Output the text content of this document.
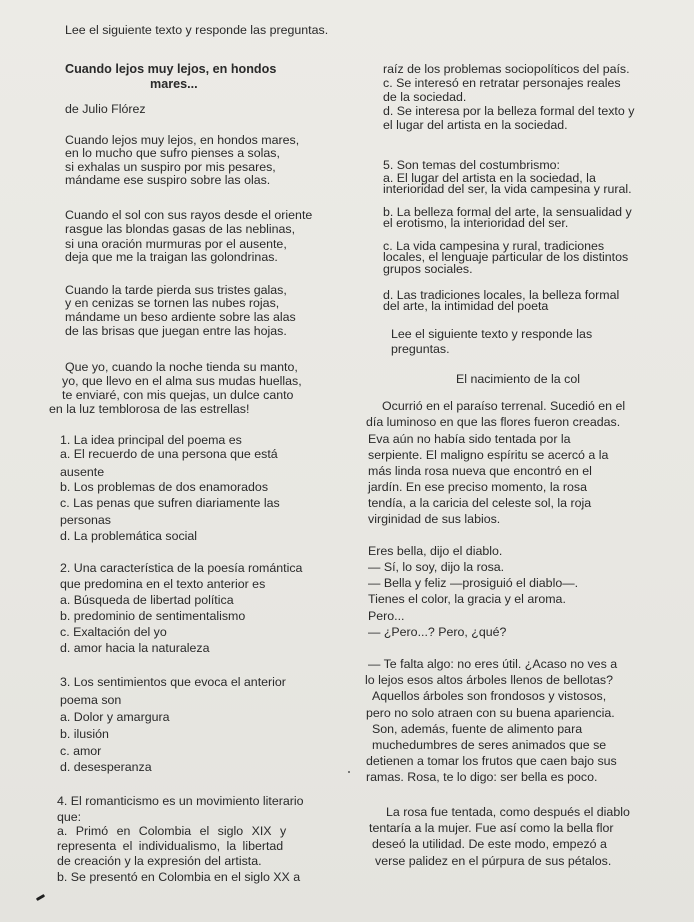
Lee el siguiente texto y responde las preguntas.
Cuando lejos muy lejos, en hondos
mares...
de Julio Flórez
Cuando lejos muy lejos, en hondos mares,
en lo mucho que sufro pienses a solas,
si exhalas un suspiro por mis pesares,
mándame ese suspiro sobre las olas.
Cuando el sol con sus rayos desde el oriente
rasgue las blondas gasas de las neblinas,
si una oración murmuras por el ausente,
deja que me la traigan las golondrinas.
Cuando la tarde pierda sus tristes galas,
y en cenizas se tornen las nubes rojas,
mándame un beso ardiente sobre las alas
de las brisas que juegan entre las hojas.
Que yo, cuando la noche tienda su manto,
yo, que llevo en el alma sus mudas huellas,
te enviaré, con mis quejas, un dulce canto
en la luz temblorosa de las estrellas!
1. La idea principal del poema es
a. El recuerdo de una persona que está
ausente
b. Los problemas de dos enamorados
c. Las penas que sufren diariamente las
personas
d. La problemática social
2. Una característica de la poesía romántica
que predomina en el texto anterior es
a. Búsqueda de libertad política
b. predominio de sentimentalismo
c. Exaltación del yo
d. amor hacia la naturaleza
3. Los sentimientos que evoca el anterior
poema son
a. Dolor y amargura
b. ilusión
c. amor
d. desesperanza
4. El romanticismo es un movimiento literario
que:
a. Primó en Colombia el siglo XIX y
representa el individualismo, la libertad
de creación y la expresión del artista.
b. Se presentó en Colombia en el siglo XX a
raíz de los problemas sociopolíticos del país.
c. Se interesó en retratar personajes reales
de la sociedad.
d. Se interesa por la belleza formal del texto y
el lugar del artista en la sociedad.
5. Son temas del costumbrismo:
a. El lugar del artista en la sociedad, la
interioridad del ser, la vida campesina y rural.
b. La belleza formal del arte, la sensualidad y
el erotismo, la interioridad del ser.
c. La vida campesina y rural, tradiciones
locales, el lenguaje particular de los distintos
grupos sociales.
d. Las tradiciones locales, la belleza formal
del arte, la intimidad del poeta
Lee el siguiente texto y responde las
preguntas.
El nacimiento de la col
Ocurrió en el paraíso terrenal. Sucedió en el
día luminoso en que las flores fueron creadas.
Eva aún no había sido tentada por la
serpiente. El maligno espíritu se acercó a la
más linda rosa nueva que encontró en el
jardín. En ese preciso momento, la rosa
tendía, a la caricia del celeste sol, la roja
virginidad de sus labios.
Eres bella, dijo el diablo.
— Sí, lo soy, dijo la rosa.
— Bella y feliz —prosiguió el diablo—.
Tienes el color, la gracia y el aroma.
Pero...
— ¿Pero...? Pero, ¿qué?
— Te falta algo: no eres útil. ¿Acaso no ves a
lo lejos esos altos árboles llenos de bellotas?
Aquellos árboles son frondosos y vistosos,
pero no solo atraen con su buena apariencia.
Son, además, fuente de alimento para
muchedumbres de seres animados que se
detienen a tomar los frutos que caen bajo sus
ramas. Rosa, te lo digo: ser bella es poco.
La rosa fue tentada, como después el diablo
tentaría a la mujer. Fue así como la bella flor
deseó la utilidad. De este modo, empezó a
verse palidez en el púrpura de sus pétalos.
